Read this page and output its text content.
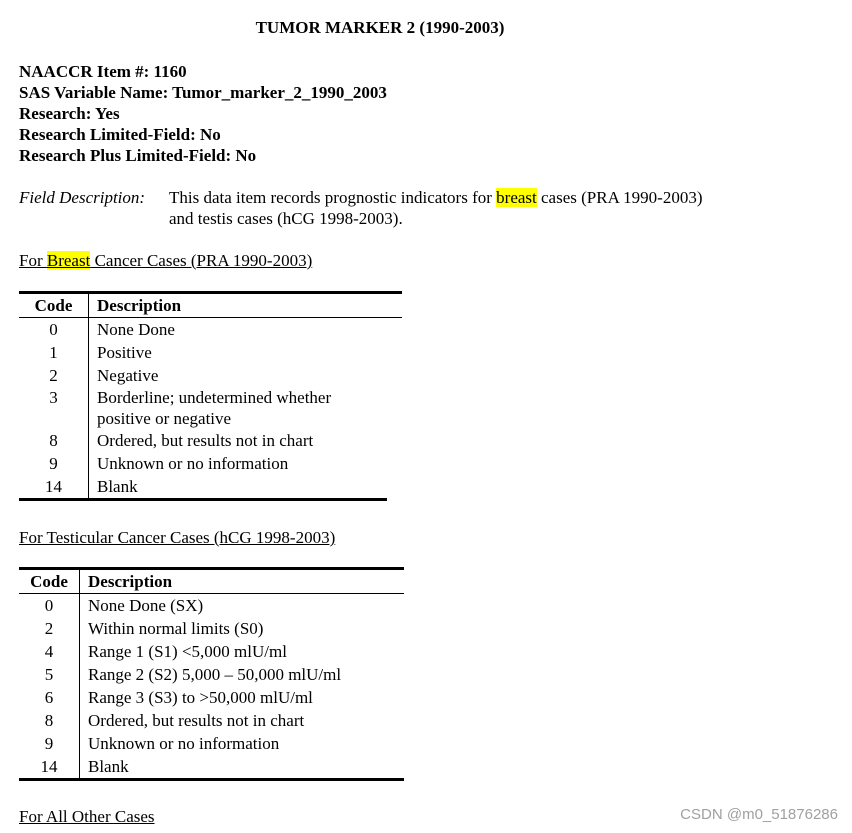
TUMOR MARKER 2 (1990-2003)
NAACCR Item #: 1160
SAS Variable Name: Tumor_marker_2_1990_2003
Research: Yes
Research Limited-Field: No
Research Plus Limited-Field: No
Field Description: This data item records prognostic indicators for breast cases (PRA 1990-2003) and testis cases (hCG 1998-2003).
For Breast Cancer Cases (PRA 1990-2003)
Code	Description
0	None Done
1	Positive
2	Negative
3	Borderline; undetermined whether positive or negative
8	Ordered, but results not in chart
9	Unknown or no information
14	Blank
For Testicular Cancer Cases (hCG 1998-2003)
Code	Description
0	None Done (SX)
2	Within normal limits (S0)
4	Range 1 (S1) <5,000 mlU/ml
5	Range 2 (S2) 5,000 – 50,000 mlU/ml
6	Range 3 (S3) to >50,000 mlU/ml
8	Ordered, but results not in chart
9	Unknown or no information
14	Blank
For All Other Cases	CSDN @m0_51876286
